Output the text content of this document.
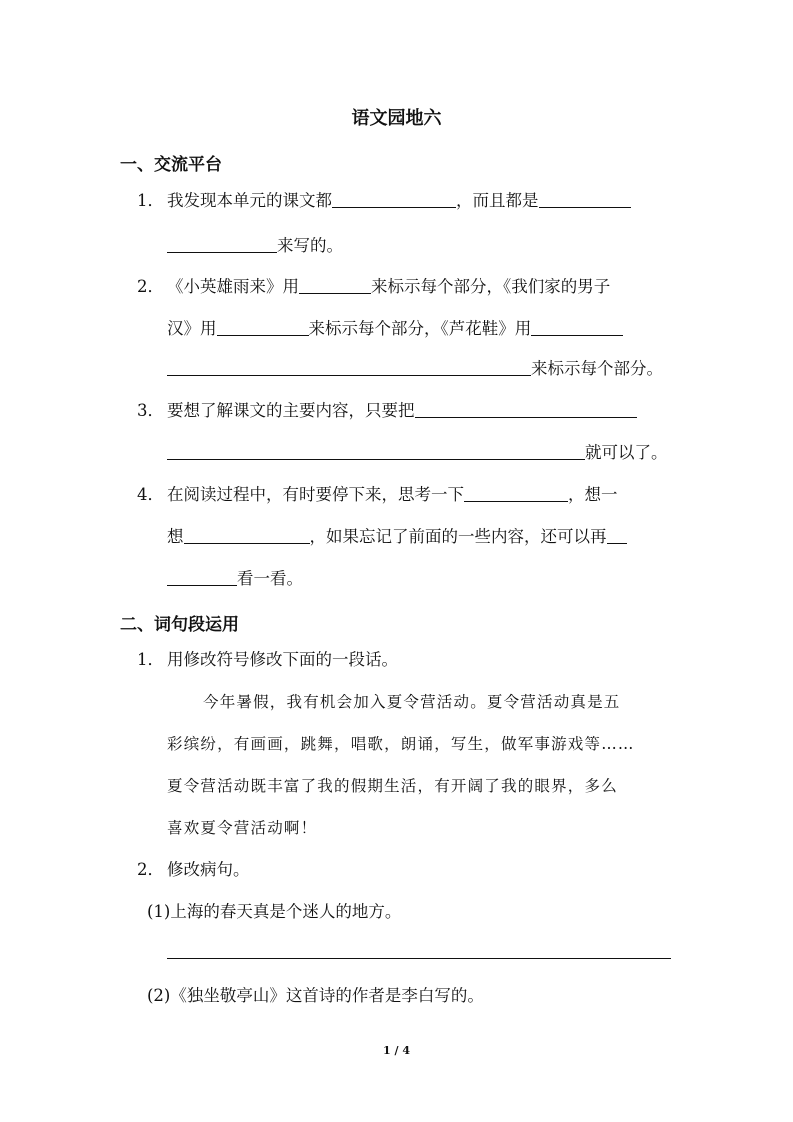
语文园地六
一、交流平台
1． 我发现本单元的课文都	，而且都是
来写的。
2． 《小英雄雨来》用	来标示每个部分，《我们家的男子
汉》用	来标示每个部分，《芦花鞋》用
来标示每个部分。
3． 要想了解课文的主要内容，只要把
就可以了。
4． 在阅读过程中，有时要停下来，思考一下	，想一
想	，如果忘记了前面的一些内容，还可以再
看一看。
二、词句段运用
1． 用修改符号修改下面的一段话。
今年暑假，我有机会加入夏令营活动。夏令营活动真是五
彩缤纷，有画画，跳舞，唱歌，朗诵，写生，做军事游戏等……
夏令营活动既丰富了我的假期生活，有开阔了我的眼界，多么
喜欢夏令营活动啊！
2． 修改病句。
(1)上海的春天真是个迷人的地方。
(2)《独坐敬亭山》这首诗的作者是李白写的。
1 / 4
